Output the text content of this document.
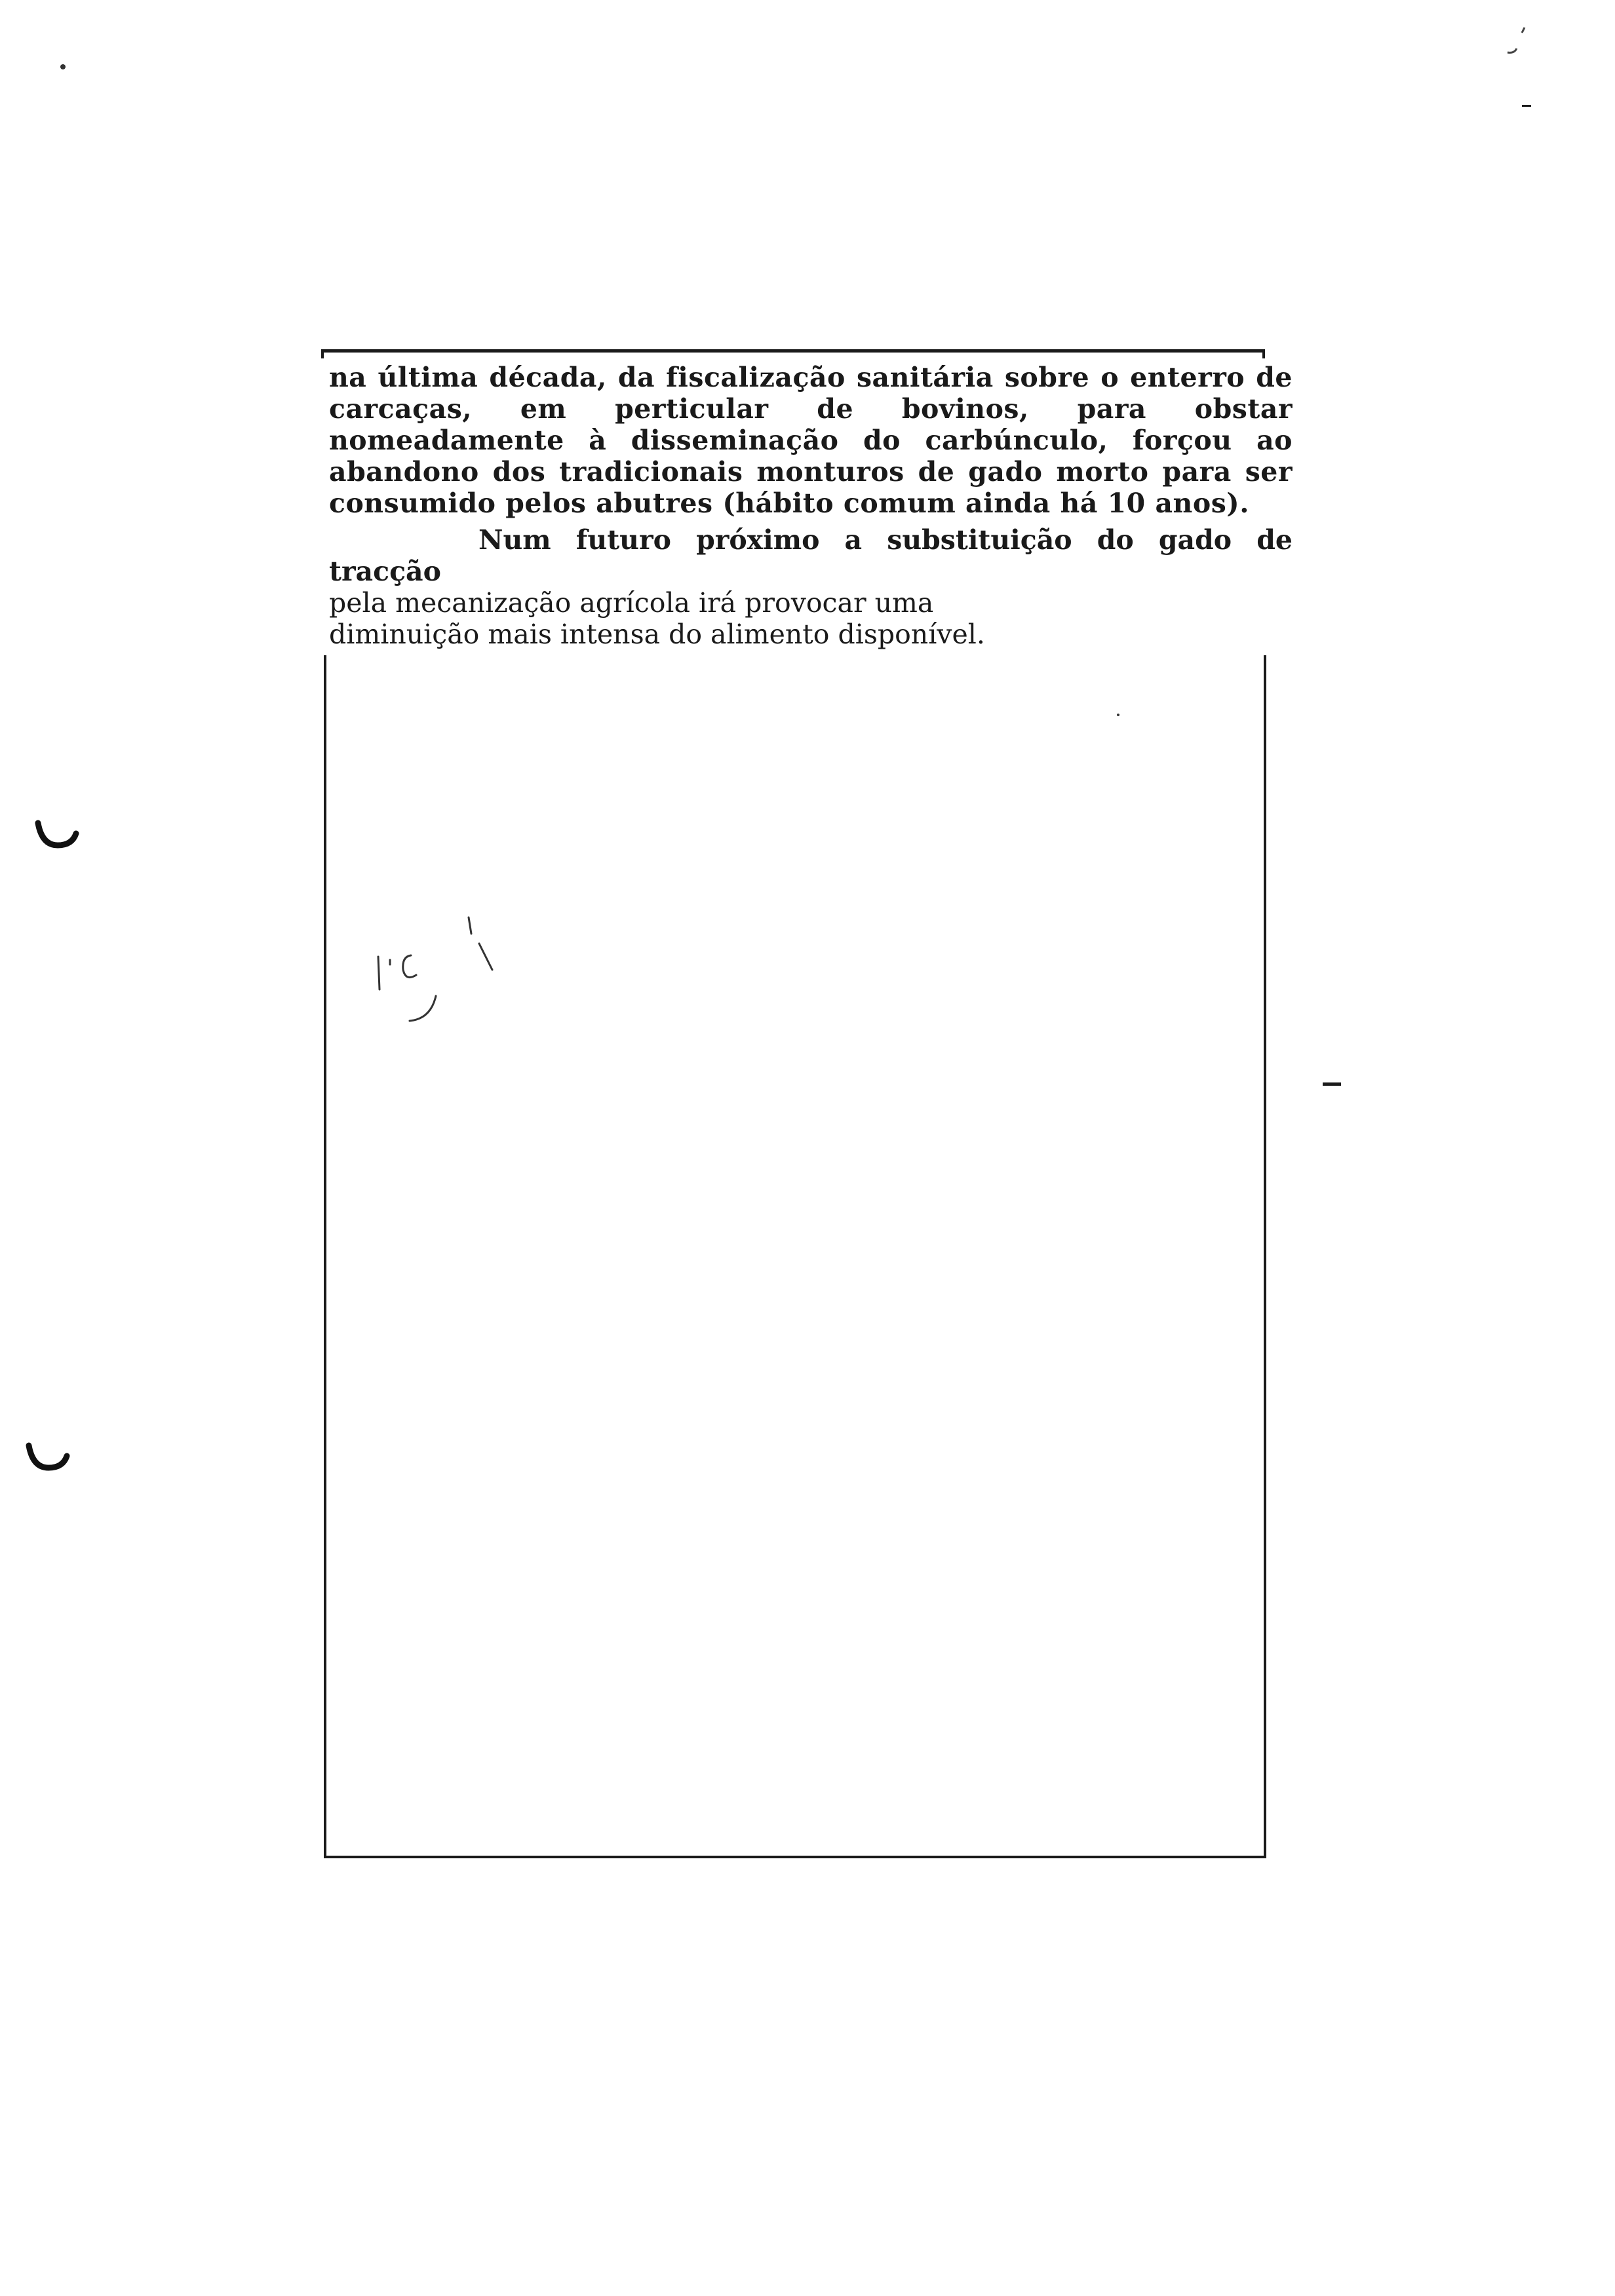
na última década, da fiscalização sanitária sobre o enterro de carcaças, em perticular de bovinos, para obstar nomeadamente à disseminação do carbúnculo, forçou ao abandono dos tradicionais monturos de gado morto para ser consumido pelos abutres (hábito comum ainda há 10 anos).

Num futuro próximo a substituição do gado de tracção
pela mecanização agrícola irá provocar uma
diminuição mais intensa do alimento disponível.
